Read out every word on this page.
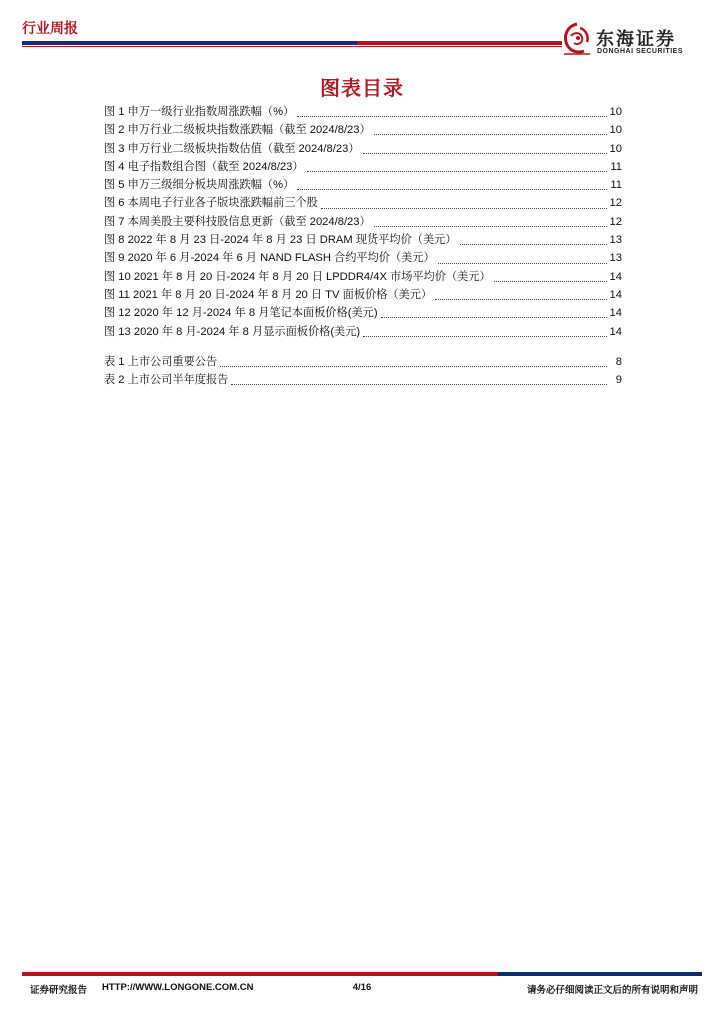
行业周报
东海证券
DONGHAI SECURITIES
图表目录
图 1 申万一级行业指数周涨跌幅（%）	10
图 2 申万行业二级板块指数涨跌幅（截至 2024/8/23）	10
图 3 申万行业二级板块指数估值（截至 2024/8/23）	10
图 4 电子指数组合图（截至 2024/8/23）	11
图 5 申万三级细分板块周涨跌幅（%）	11
图 6 本周电子行业各子版块涨跌幅前三个股	12
图 7 本周美股主要科技股信息更新（截至 2024/8/23）	12
图 8 2022 年 8 月 23 日-2024 年 8 月 23 日 DRAM 现货平均价（美元）	13
图 9 2020 年 6 月-2024 年 6 月 NAND FLASH 合约平均价（美元）	13
图 10 2021 年 8 月 20 日-2024 年 8 月 20 日 LPDDR4/4X 市场平均价（美元）	14
图 11 2021 年 8 月 20 日-2024 年 8 月 20 日 TV 面板价格（美元）	14
图 12 2020 年 12 月-2024 年 8 月笔记本面板价格(美元)	14
图 13 2020 年 8 月-2024 年 8 月显示面板价格(美元)	14
表 1 上市公司重要公告	8
表 2 上市公司半年度报告	9
证券研究报告 HTTP://WWW.LONGONE.COM.CN	4/16	请务必仔细阅读正文后的所有说明和声明
